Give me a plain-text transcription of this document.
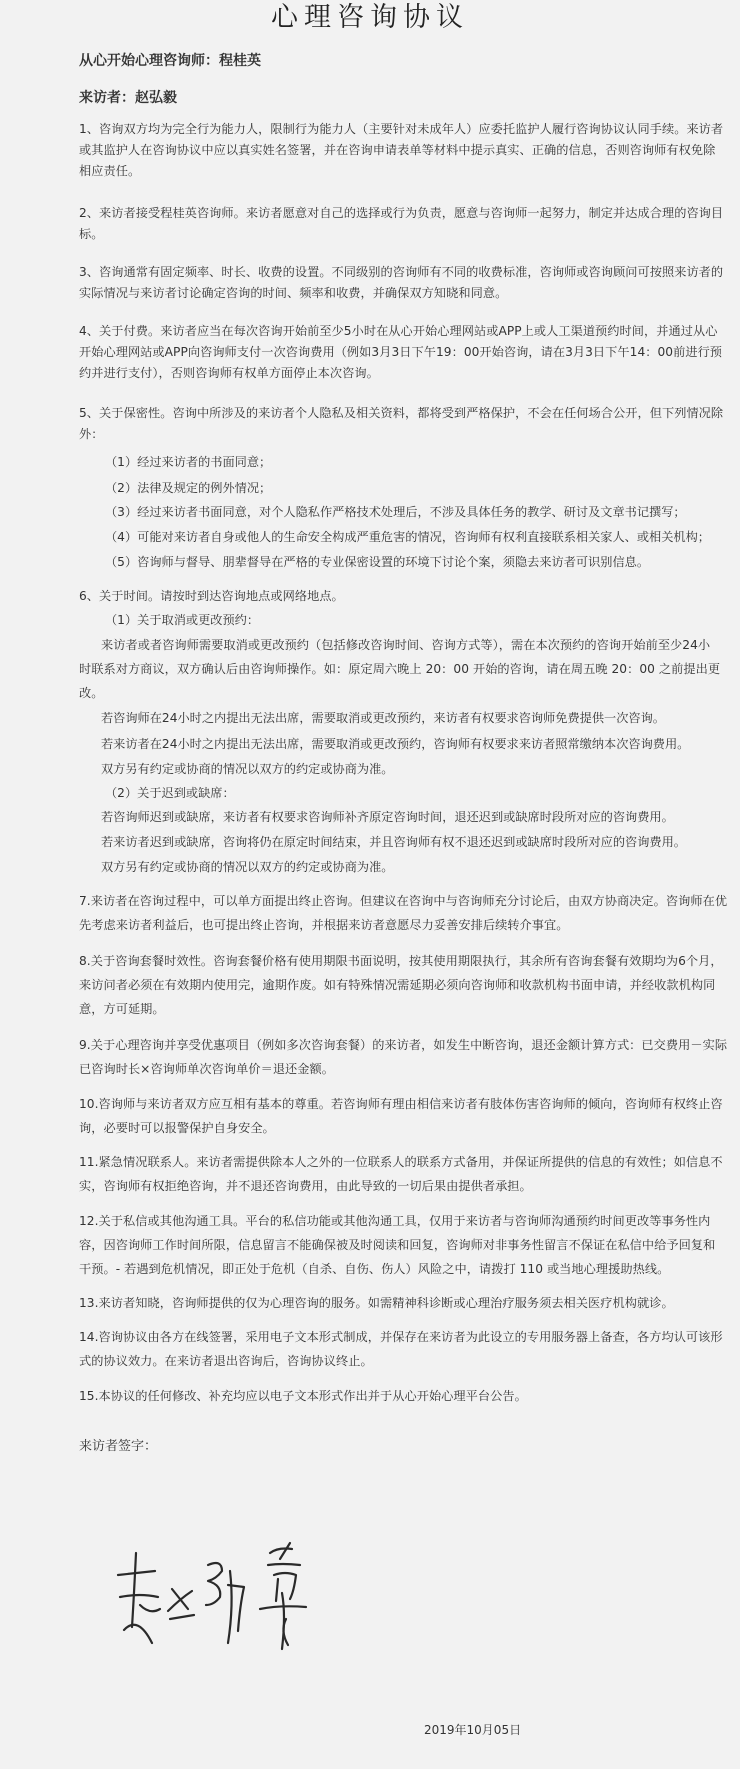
心理咨询协议
从心开始心理咨询师：程桂英
来访者：赵弘毅
1、咨询双方均为完全行为能力人，限制行为能力人（主要针对未成年人）应委托监护人履行咨询协议认同手续。来访者
或其监护人在咨询协议中应以真实姓名签署，并在咨询申请表单等材料中提示真实、正确的信息，否则咨询师有权免除
相应责任。
2、来访者接受程桂英咨询师。来访者愿意对自己的选择或行为负责，愿意与咨询师一起努力，制定并达成合理的咨询目
标。
3、咨询通常有固定频率、时长、收费的设置。不同级别的咨询师有不同的收费标准，咨询师或咨询顾问可按照来访者的
实际情况与来访者讨论确定咨询的时间、频率和收费，并确保双方知晓和同意。
4、关于付费。来访者应当在每次咨询开始前至少5小时在从心开始心理网站或APP上或人工渠道预约时间，并通过从心
开始心理网站或APP向咨询师支付一次咨询费用（例如3月3日下午19：00开始咨询，请在3月3日下午14：00前进行预
约并进行支付），否则咨询师有权单方面停止本次咨询。
5、关于保密性。咨询中所涉及的来访者个人隐私及相关资料，都将受到严格保护，不会在任何场合公开，但下列情况除
外：
（1）经过来访者的书面同意；
（2）法律及规定的例外情况；
（3）经过来访者书面同意，对个人隐私作严格技术处理后，不涉及具体任务的教学、研讨及文章书记撰写；
（4）可能对来访者自身或他人的生命安全构成严重危害的情况，咨询师有权利直接联系相关家人、或相关机构；
（5）咨询师与督导、朋辈督导在严格的专业保密设置的环境下讨论个案，须隐去来访者可识别信息。
6、关于时间。请按时到达咨询地点或网络地点。
（1）关于取消或更改预约：
来访者或者咨询师需要取消或更改预约（包括修改咨询时间、咨询方式等），需在本次预约的咨询开始前至少24小
时联系对方商议，双方确认后由咨询师操作。如：原定周六晚上 20：00 开始的咨询，请在周五晚 20：00 之前提出更
改。
若咨询师在24小时之内提出无法出席，需要取消或更改预约，来访者有权要求咨询师免费提供一次咨询。
若来访者在24小时之内提出无法出席，需要取消或更改预约，咨询师有权要求来访者照常缴纳本次咨询费用。
双方另有约定或协商的情况以双方的约定或协商为准。
（2）关于迟到或缺席：
若咨询师迟到或缺席，来访者有权要求咨询师补齐原定咨询时间，退还迟到或缺席时段所对应的咨询费用。
若来访者迟到或缺席，咨询将仍在原定时间结束，并且咨询师有权不退还迟到或缺席时段所对应的咨询费用。
双方另有约定或协商的情况以双方的约定或协商为准。
7.来访者在咨询过程中，可以单方面提出终止咨询。但建议在咨询中与咨询师充分讨论后，由双方协商决定。咨询师在优
先考虑来访者利益后，也可提出终止咨询，并根据来访者意愿尽力妥善安排后续转介事宜。
8.关于咨询套餐时效性。咨询套餐价格有使用期限书面说明，按其使用期限执行，其余所有咨询套餐有效期均为6个月，
来访问者必须在有效期内使用完，逾期作废。如有特殊情况需延期必须向咨询师和收款机构书面申请，并经收款机构同
意，方可延期。
9.关于心理咨询并享受优惠项目（例如多次咨询套餐）的来访者，如发生中断咨询，退还金额计算方式：已交费用－实际
已咨询时长×咨询师单次咨询单价＝退还金额。
10.咨询师与来访者双方应互相有基本的尊重。若咨询师有理由相信来访者有肢体伤害咨询师的倾向，咨询师有权终止咨
询，必要时可以报警保护自身安全。
11.紧急情况联系人。来访者需提供除本人之外的一位联系人的联系方式备用，并保证所提供的信息的有效性；如信息不
实，咨询师有权拒绝咨询，并不退还咨询费用，由此导致的一切后果由提供者承担。
12.关于私信或其他沟通工具。平台的私信功能或其他沟通工具，仅用于来访者与咨询师沟通预约时间更改等事务性内
容，因咨询师工作时间所限，信息留言不能确保被及时阅读和回复，咨询师对非事务性留言不保证在私信中给予回复和
干预。- 若遇到危机情况，即正处于危机（自杀、自伤、伤人）风险之中，请拨打 110 或当地心理援助热线。
13.来访者知晓，咨询师提供的仅为心理咨询的服务。如需精神科诊断或心理治疗服务须去相关医疗机构就诊。
14.咨询协议由各方在线签署，采用电子文本形式制成，并保存在来访者为此设立的专用服务器上备查，各方均认可该形
式的协议效力。在来访者退出咨询后，咨询协议终止。
15.本协议的任何修改、补充均应以电子文本形式作出并于从心开始心理平台公告。
来访者签字：
2019年10月05日
